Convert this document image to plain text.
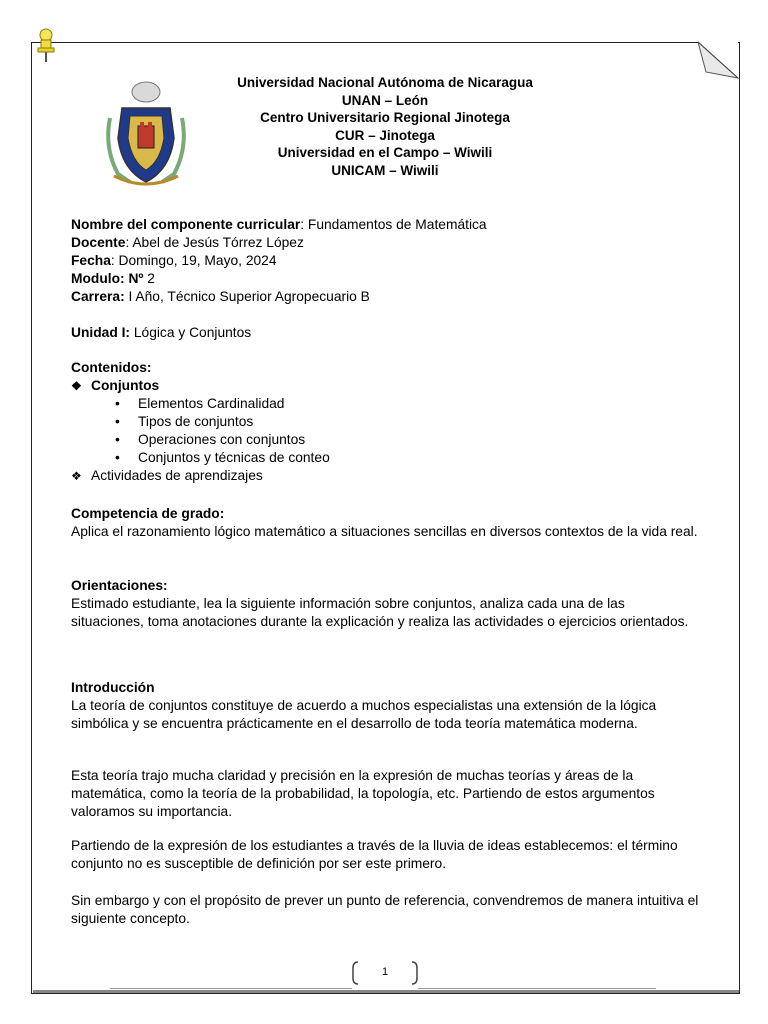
Universidad Nacional Autónoma de Nicaragua
UNAN – León
Centro Universitario Regional Jinotega
CUR – Jinotega
Universidad en el Campo – Wiwili
UNICAM – Wiwili
Nombre del componente curricular: Fundamentos de Matemática
Docente: Abel de Jesús Tórrez López
Fecha: Domingo, 19, Mayo, 2024
Modulo: Nº 2
Carrera: I Año, Técnico Superior Agropecuario B
Unidad I: Lógica y Conjuntos
Contenidos:
❖ Conjuntos
• Elementos Cardinalidad
• Tipos de conjuntos
• Operaciones con conjuntos
• Conjuntos y técnicas de conteo
❖ Actividades de aprendizajes
Competencia de grado:
Aplica el razonamiento lógico matemático a situaciones sencillas en diversos contextos de la vida real.
Orientaciones:
Estimado estudiante, lea la siguiente información sobre conjuntos, analiza cada una de las situaciones, toma anotaciones durante la explicación y realiza las actividades o ejercicios orientados.
Introducción
La teoría de conjuntos constituye de acuerdo a muchos especialistas una extensión de la lógica simbólica y se encuentra prácticamente en el desarrollo de toda teoría matemática moderna.
Esta teoría trajo mucha claridad y precisión en la expresión de muchas teorías y áreas de la matemática, como la teoría de la probabilidad, la topología, etc. Partiendo de estos argumentos valoramos su importancia.
Partiendo de la expresión de los estudiantes a través de la lluvia de ideas establecemos: el término conjunto no es susceptible de definición por ser este primero.
Sin embargo y con el propósito de prever un punto de referencia, convendremos de manera intuitiva el siguiente concepto.
1
